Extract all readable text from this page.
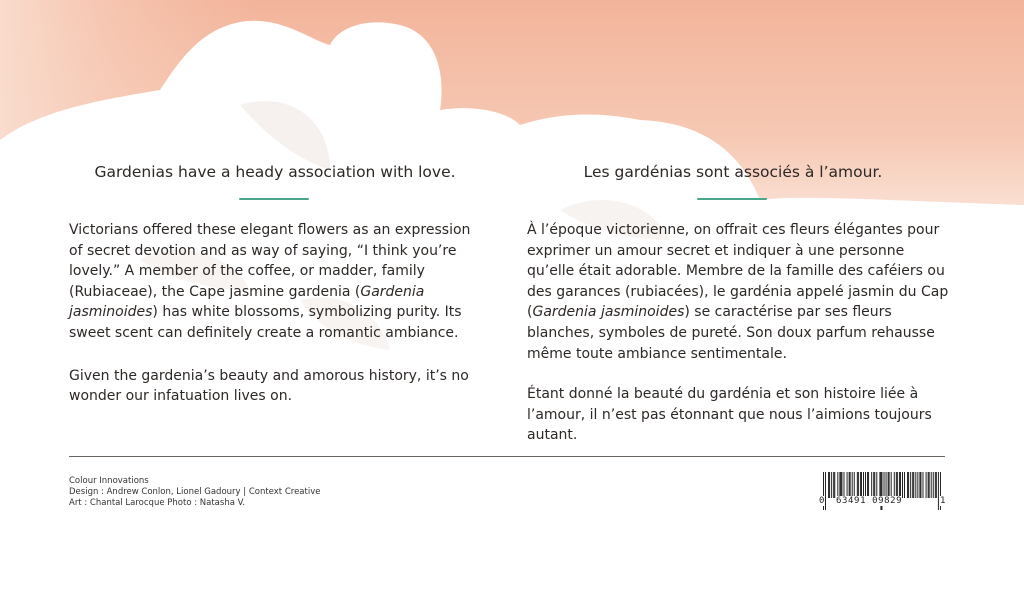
Gardenias have a heady association with love.

Victorians offered these elegant flowers as an expression of secret devotion and as way of saying, “I think you’re lovely.” A member of the coffee, or madder, family (Rubiaceae), the Cape jasmine gardenia (Gardenia jasminoides) has white blossoms, symbolizing purity. Its sweet scent can definitely create a romantic ambiance.

Given the gardenia’s beauty and amorous history, it’s no wonder our infatuation lives on.

Les gardénias sont associés à l’amour.

À l’époque victorienne, on offrait ces fleurs élégantes pour exprimer un amour secret et indiquer à une personne qu’elle était adorable. Membre de la famille des caféiers ou des garances (rubiacées), le gardénia appelé jasmin du Cap (Gardenia jasminoides) se caractérise par ses fleurs blanches, symboles de pureté. Son doux parfum rehausse même toute ambiance sentimentale.

Étant donné la beauté du gardénia et son histoire liée à l’amour, il n’est pas étonnant que nous l’aimions toujours autant.

Colour Innovations
Design : Andrew Conlon, Lionel Gadoury | Context Creative
Art : Chantal Larocque Photo : Natasha V.	0 63491 09829	1
